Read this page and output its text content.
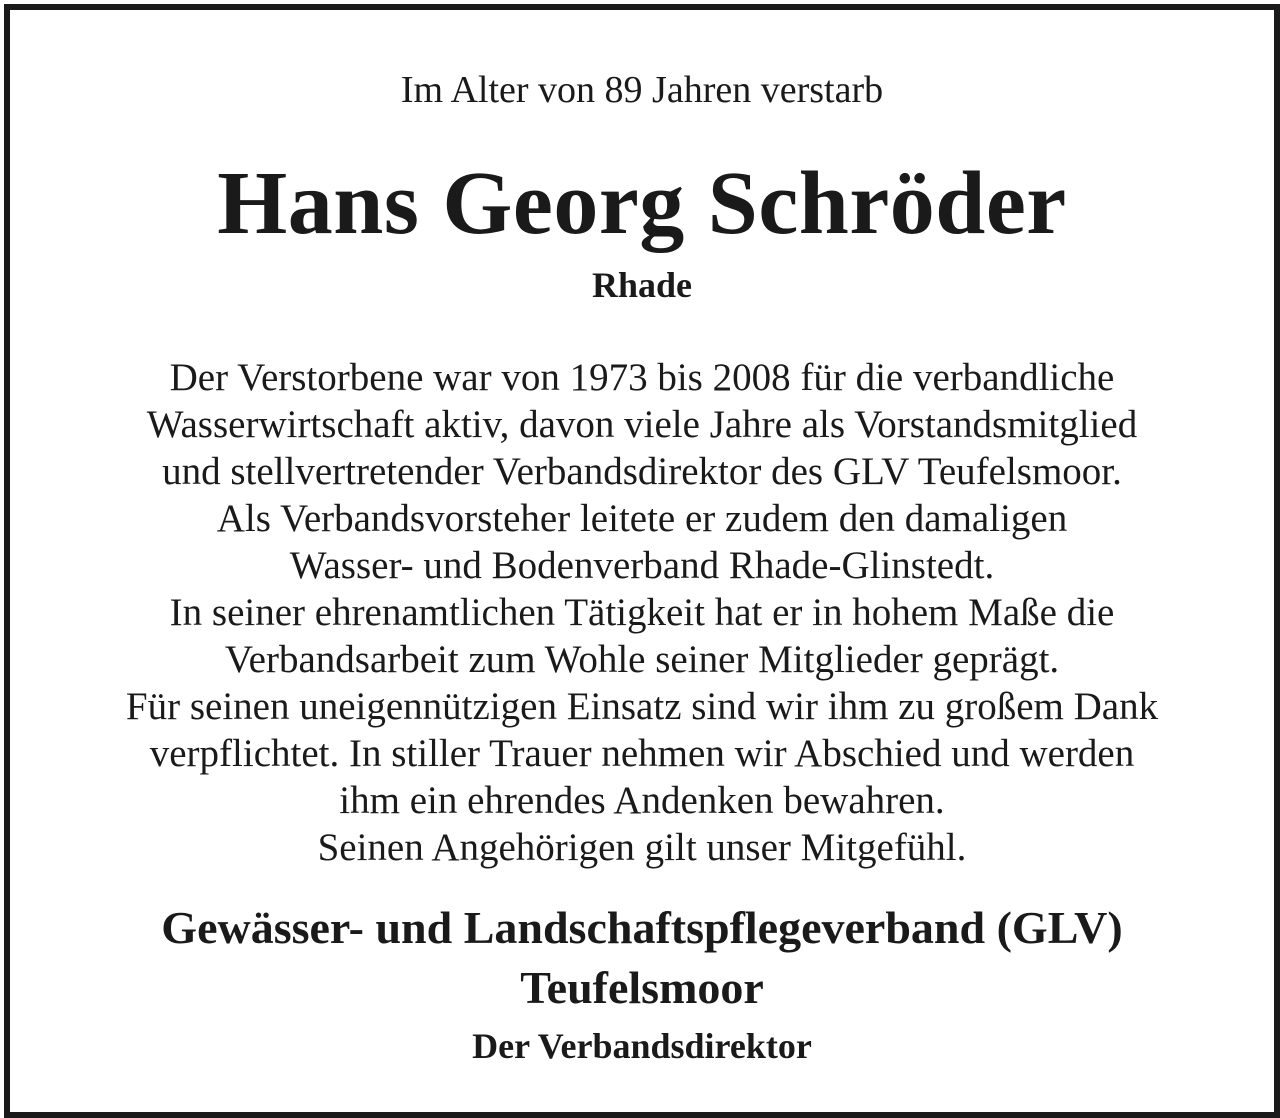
Im Alter von 89 Jahren verstarb
Hans Georg Schröder
Rhade
Der Verstorbene war von 1973 bis 2008 für die verbandliche
Wasserwirtschaft aktiv, davon viele Jahre als Vorstandsmitglied
und stellvertretender Verbandsdirektor des GLV Teufelsmoor.
Als Verbandsvorsteher leitete er zudem den damaligen
Wasser- und Bodenverband Rhade-Glinstedt.
In seiner ehrenamtlichen Tätigkeit hat er in hohem Maße die
Verbandsarbeit zum Wohle seiner Mitglieder geprägt.
Für seinen uneigennützigen Einsatz sind wir ihm zu großem Dank
verpflichtet. In stiller Trauer nehmen wir Abschied und werden
ihm ein ehrendes Andenken bewahren.
Seinen Angehörigen gilt unser Mitgefühl.
Gewässer- und Landschaftspflegeverband (GLV)
Teufelsmoor
Der Verbandsdirektor
